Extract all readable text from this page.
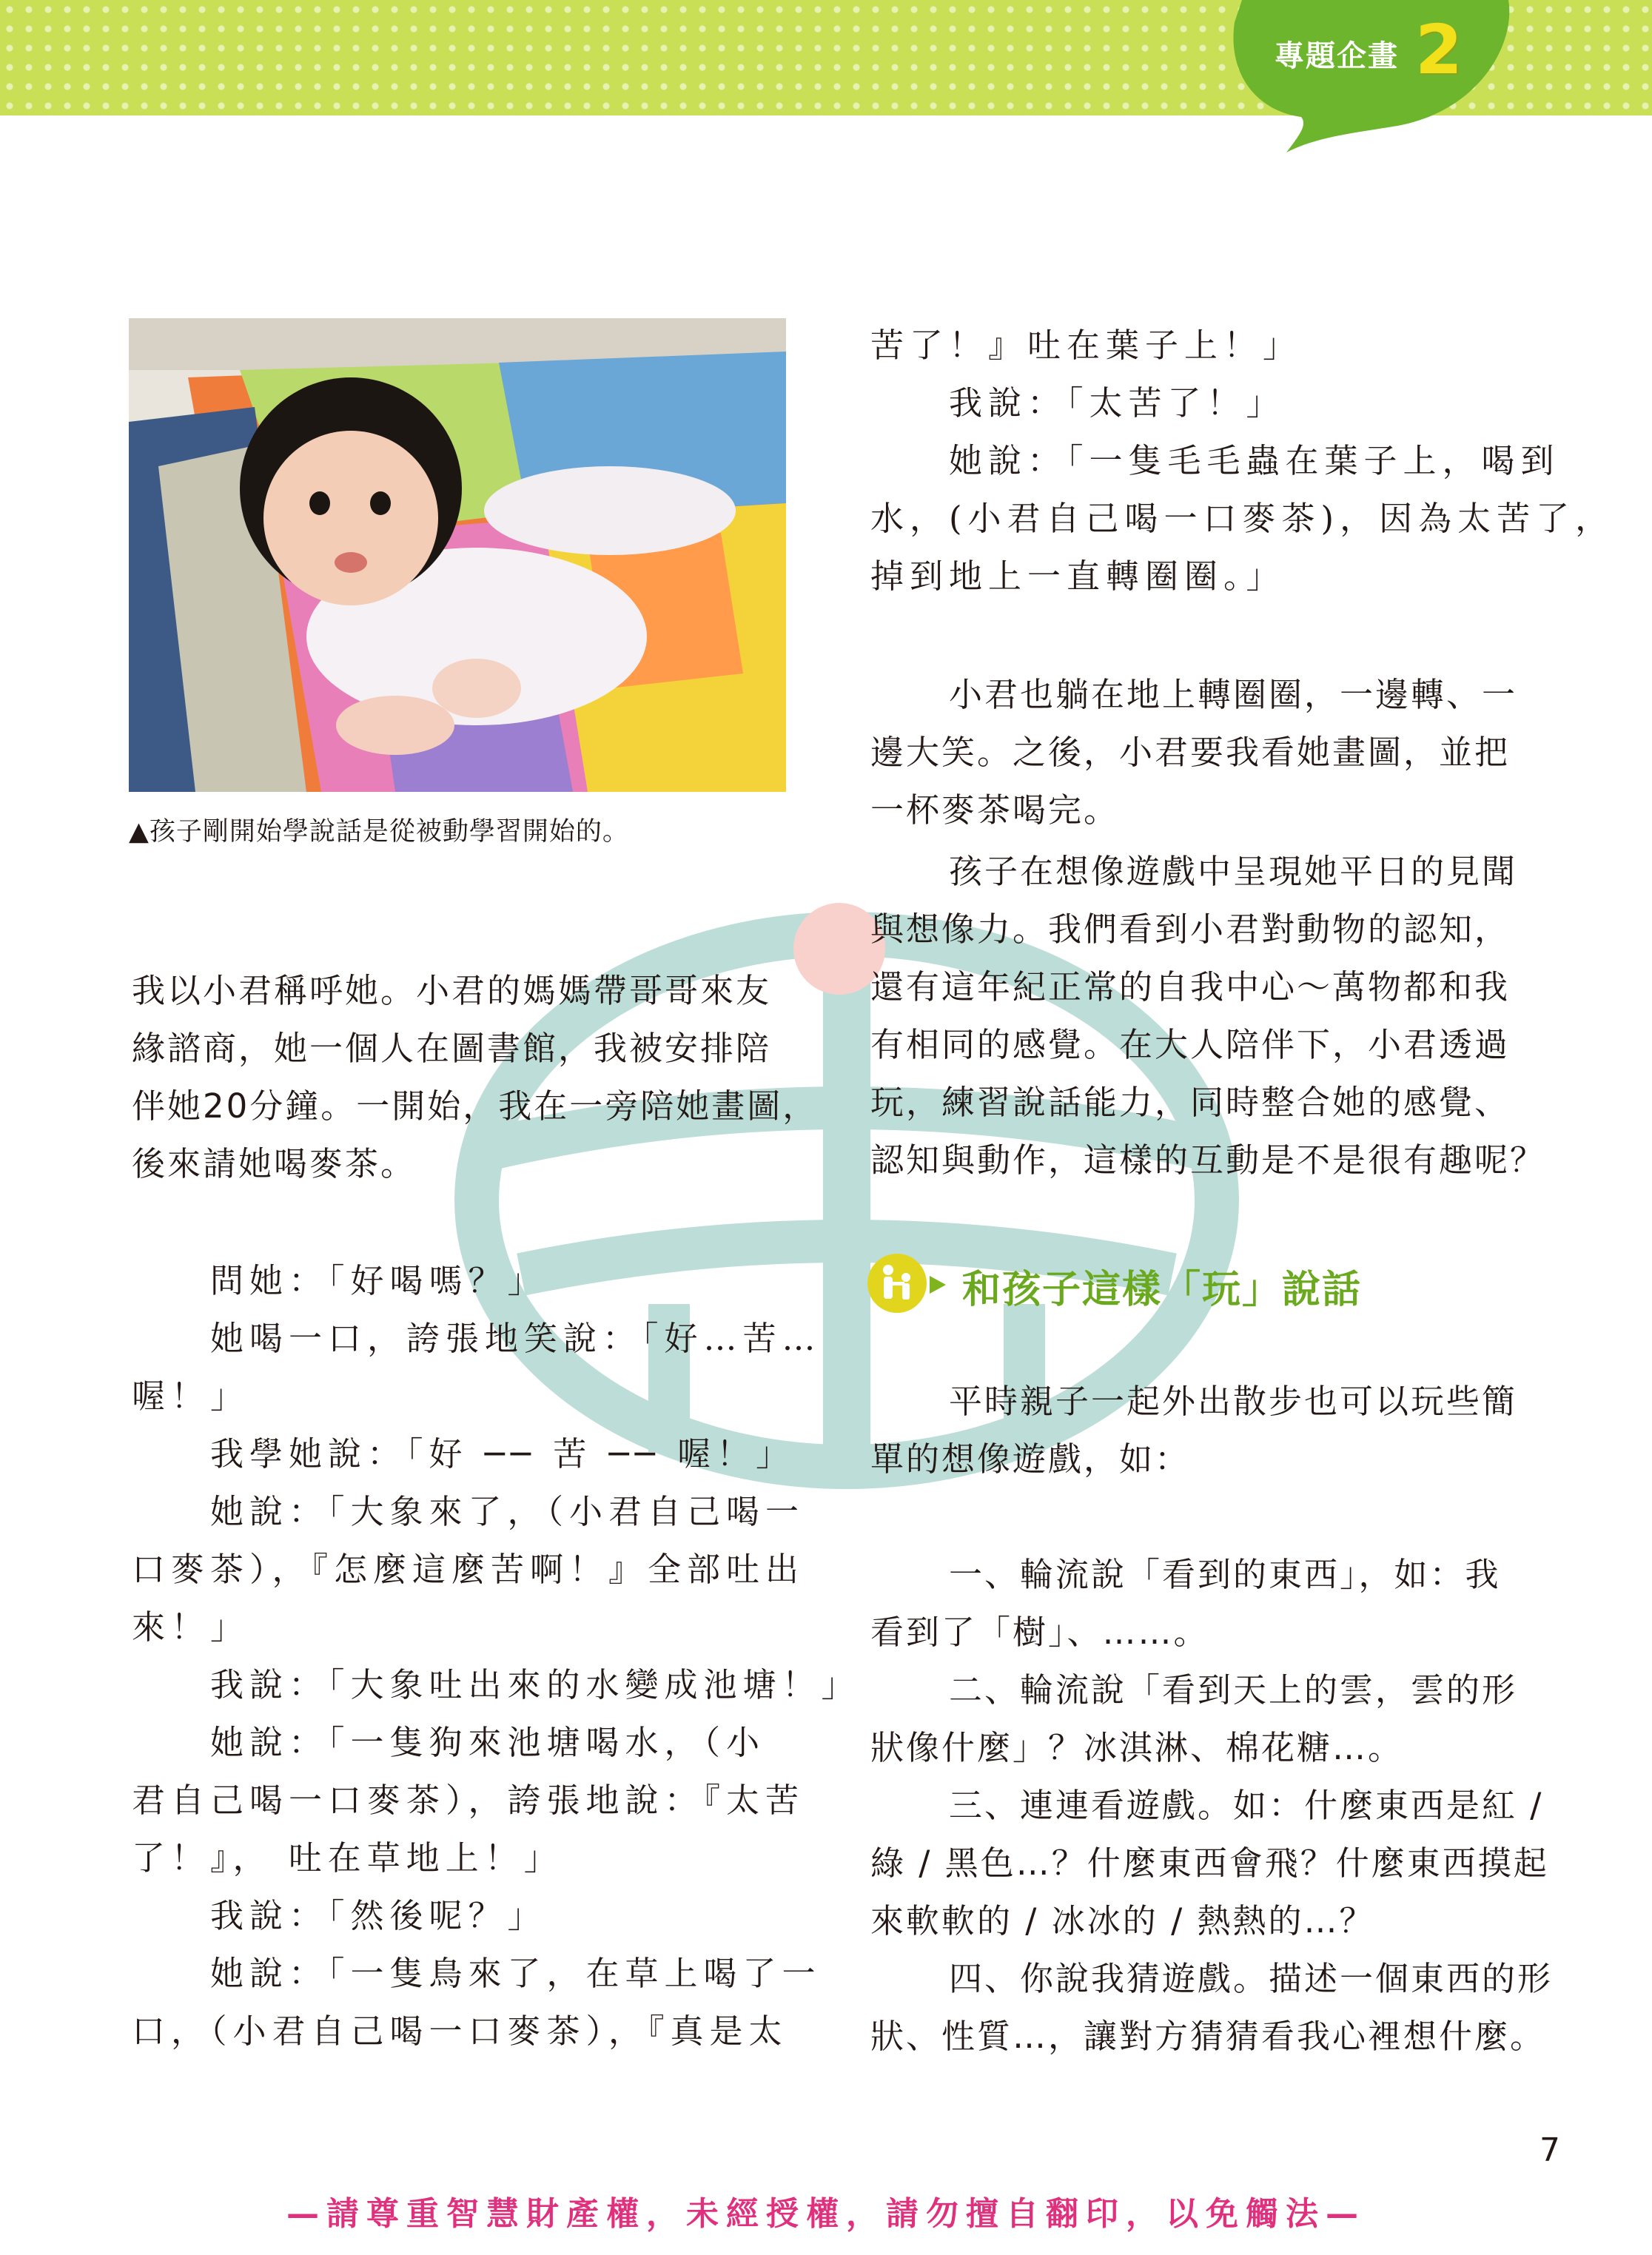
專題企畫 2
▲孩子剛開始學說話是從被動學習開始的。
我以小君稱呼她。小君的媽媽帶哥哥來友
緣諮商，她一個人在圖書館，我被安排陪
伴她20分鐘。一開始，我在一旁陪她畫圖，
後來請她喝麥茶。
問她：「好喝嗎？」
她喝一口，誇張地笑說：「好…苦…
喔！」
我學她說：「好 ── 苦 ── 喔！」
她說：「大象來了，（小君自己喝一
口麥茶），『怎麼這麼苦啊！』全部吐出
來！」
我說：「大象吐出來的水變成池塘！」
她說：「一隻狗來池塘喝水，（小
君自己喝一口麥茶），誇張地說：『太苦
了！』， 吐在草地上！」
我說：「然後呢？」
她說：「一隻鳥來了，在草上喝了一
口，（小君自己喝一口麥茶），『真是太
苦了！』吐在葉子上！」
我說：「太苦了！」
她說：「一隻毛毛蟲在葉子上，喝到
水，(小君自己喝一口麥茶)，因為太苦了，
掉到地上一直轉圈圈。」
小君也躺在地上轉圈圈，一邊轉、一
邊大笑。之後，小君要我看她畫圖，並把
一杯麥茶喝完。
孩子在想像遊戲中呈現她平日的見聞
與想像力。我們看到小君對動物的認知，
還有這年紀正常的自我中心～萬物都和我
有相同的感覺。在大人陪伴下，小君透過
玩，練習說話能力，同時整合她的感覺、
認知與動作，這樣的互動是不是很有趣呢？
和孩子這樣「玩」說話
平時親子一起外出散步也可以玩些簡
單的想像遊戲，如：
一、輪流說「看到的東西」，如：我
看到了「樹」、……。
二、輪流說「看到天上的雲，雲的形
狀像什麼」？冰淇淋、棉花糖…。
三、連連看遊戲。如：什麼東西是紅 /
綠 / 黑色…？什麼東西會飛？什麼東西摸起
來軟軟的 / 冰冰的 / 熱熱的…？
四、你說我猜遊戲。描述一個東西的形
狀、性質…，讓對方猜猜看我心裡想什麼。
7
—請尊重智慧財產權，未經授權，請勿擅自翻印，以免觸法—
